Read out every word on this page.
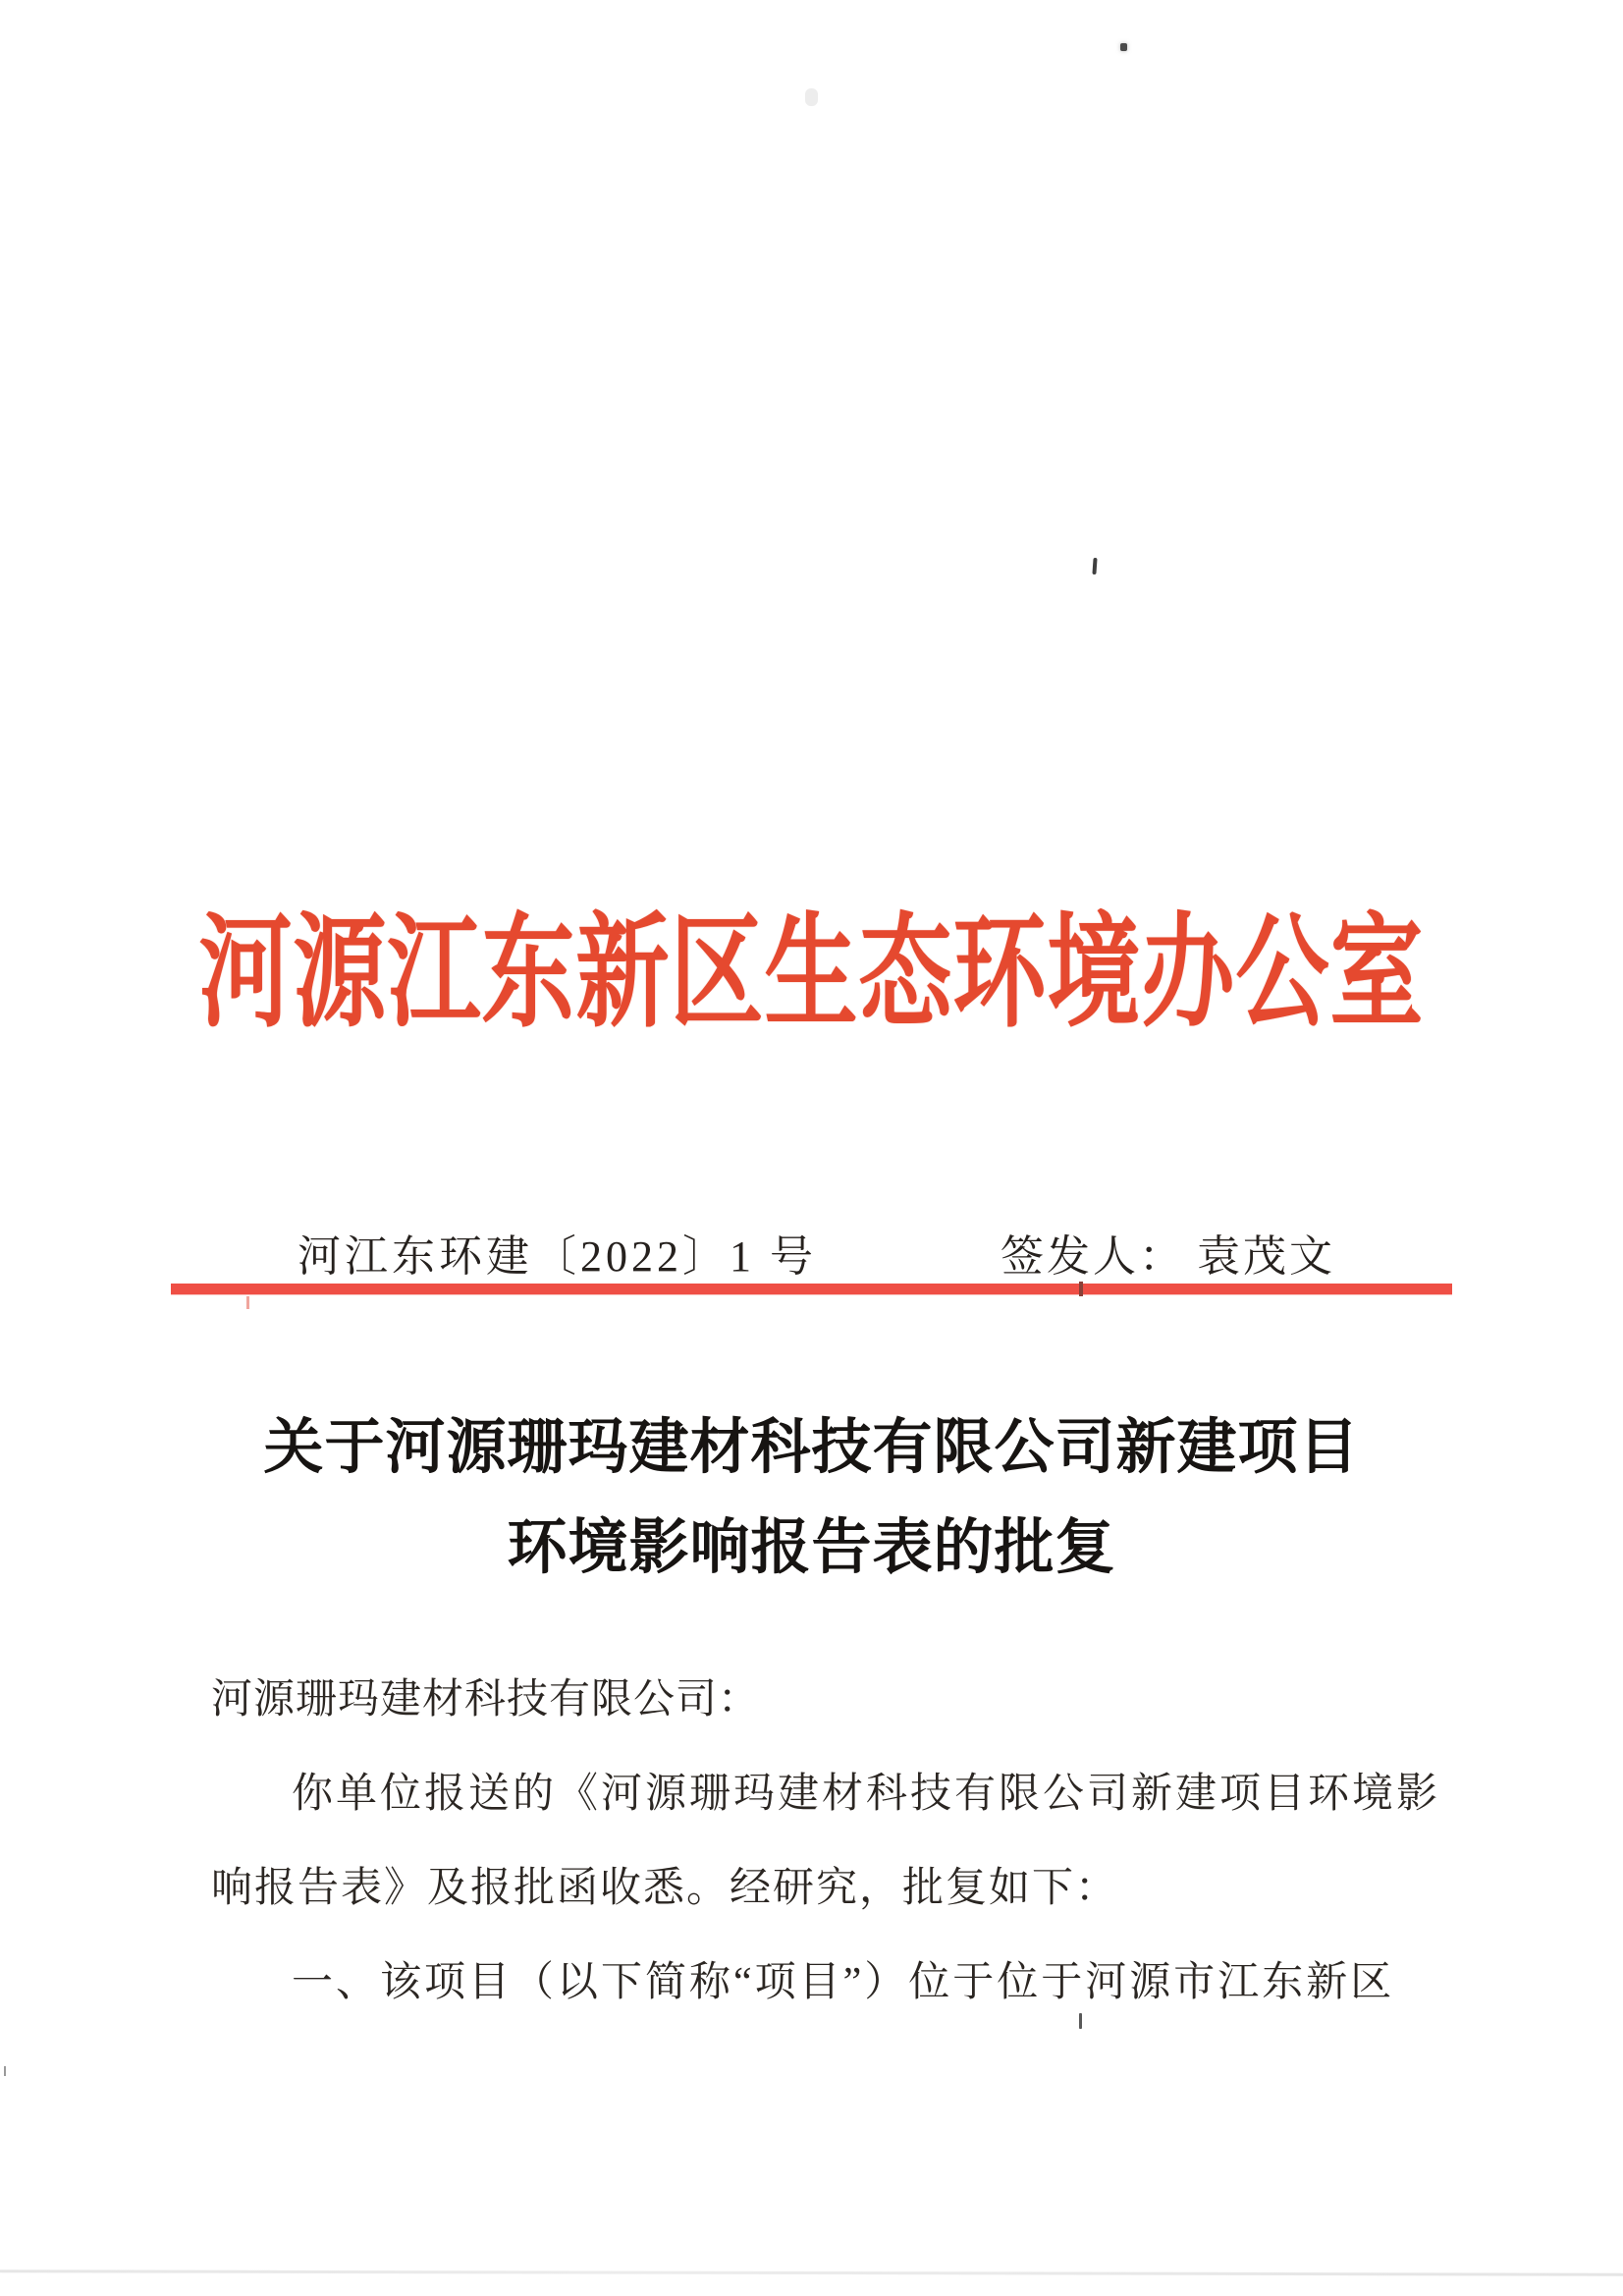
河源江东新区生态环境办公室
河江东环建〔2022〕1 号	签发人： 袁茂文
关于河源珊玛建材科技有限公司新建项目
环境影响报告表的批复
河源珊玛建材科技有限公司：
你单位报送的《河源珊玛建材科技有限公司新建项目环境影
响报告表》及报批函收悉。经研究，批复如下：
一、该项目（以下简称“项目”）位于位于河源市江东新区
